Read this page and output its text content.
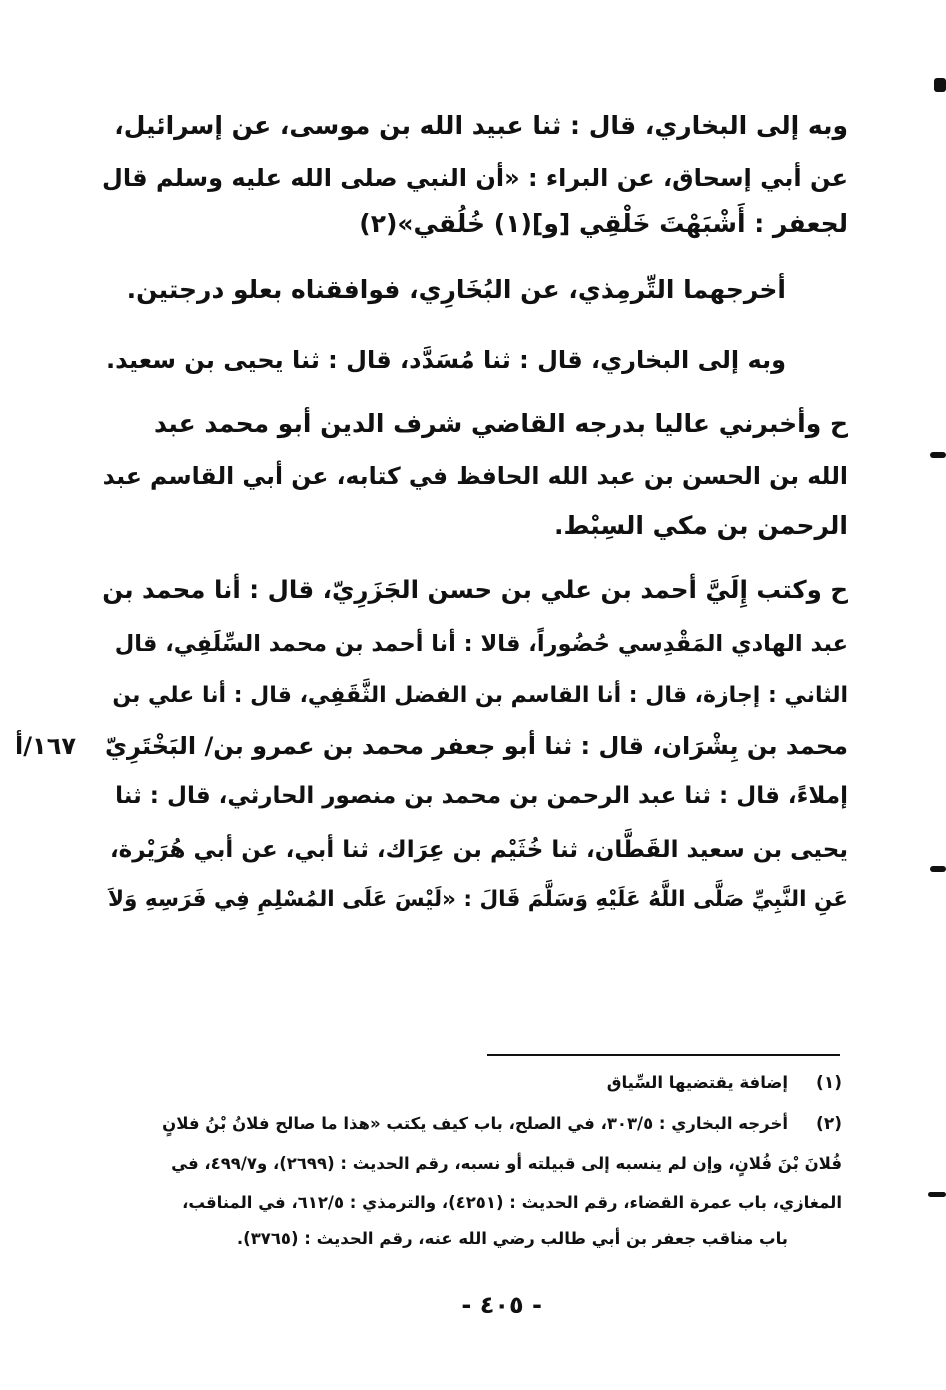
وبه إلى البخاري، قال : ثنا عبيد الله بن موسى، عن إسرائيل،
عن أبي إسحاق، عن البراء : «أن النبي صلى الله عليه وسلم قال
لجعفر : أَشْبَهْتَ خَلْقِي [و](١) خُلُقي»(٢)
أخرجهما التِّرمِذي، عن البُخَارِي، فوافقناه بعلو درجتين.
وبه إلى البخاري، قال : ثنا مُسَدَّد، قال : ثنا يحيى بن سعيد.
ح وأخبرني عاليا بدرجه القاضي شرف الدين أبو محمد عبد
الله بن الحسن بن عبد الله الحافظ في كتابه، عن أبي القاسم عبد
الرحمن بن مكي السِبْط.
ح وكتب إِلَيَّ أحمد بن علي بن حسن الجَزَرِيّ، قال : أنا محمد بن
عبد الهادي المَقْدِسي حُضُوراً، قالا : أنا أحمد بن محمد السِّلَفِي، قال
الثاني : إجازة، قال : أنا القاسم بن الفضل الثَّقَفِي، قال : أنا علي بن
محمد بن بِشْرَان، قال : ثنا أبو جعفر محمد بن عمرو بن/ البَخْتَرِيّ
١٦٧/أ
إملاءً، قال : ثنا عبد الرحمن بن محمد بن منصور الحارثي، قال : ثنا
يحيى بن سعيد القَطَّان، ثنا خُثَيْم بن عِرَاك، ثنا أبي، عن أبي هُرَيْرة،
عَنِ النَّبِيِّ صَلَّى اللَّهُ عَلَيْهِ وَسَلَّمَ قَالَ : «لَيْسَ عَلَى المُسْلِمِ فِي فَرَسِهِ وَلاَ
(١)
إضافة يقتضيها السِّياق
(٢)
أخرجه البخاري : ٣٠٣/٥، في الصلح، باب كيف يكتب «هذا ما صالح فلانُ بْنُ فلانٍ
فُلانَ بْنَ فُلانٍ، وإن لم ينسبه إلى قبيلته أو نسبه، رقم الحديث : (٢٦٩٩)، و٤٩٩/٧، في
المغازي، باب عمرة القضاء، رقم الحديث : (٤٢٥١)، والترمذي : ٦١٢/٥، في المناقب،
باب مناقب جعفر بن أبي طالب رضي الله عنه، رقم الحديث : (٣٧٦٥).
- ٤٠٥ -
